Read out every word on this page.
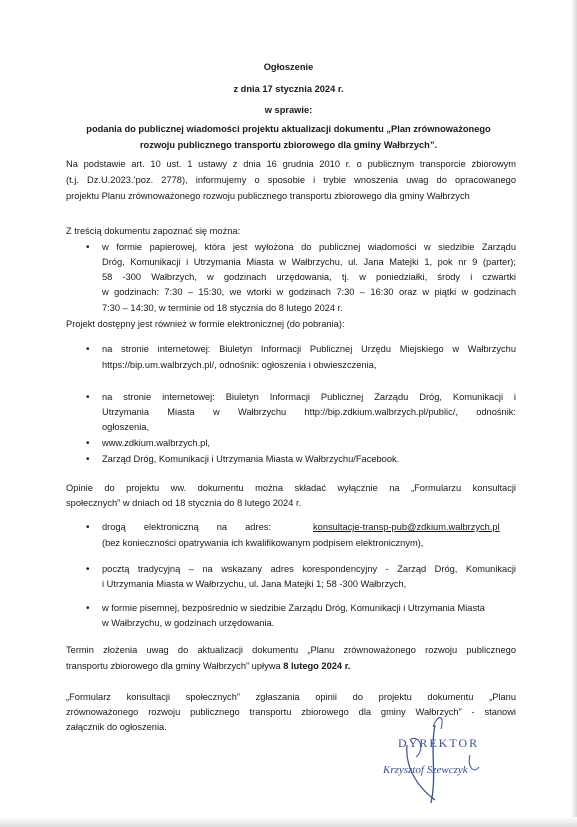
Ogłoszenie
z dnia 17 stycznia 2024 r.
w sprawie:
podania do publicznej wiadomości projektu aktualizacji dokumentu „Plan zrównoważonego
rozwoju publicznego transportu zbiorowego dla gminy Wałbrzych”.
Na podstawie art. 10 ust. 1 ustawy z dnia 16 grudnia 2010 r. o publicznym transporcie zbiorowym
(t.j. Dz.U.2023.’poz. 2778), informujemy o sposobie i trybie wnoszenia uwag do opracowanego
projektu Planu zrównoważonego rozwoju publicznego transportu zbiorowego dla gminy Wałbrzych
Z treścią dokumentu zapoznać się można:
• w formie papierowej, która jest wyłożona do publicznej wiadomości w siedzibie Zarządu
Dróg, Komunikacji i Utrzymania Miasta w Wałbrzychu, ul. Jana Matejki 1, pok nr 9 (parter);
58 -300 Wałbrzych, w godzinach urzędowania, tj. w poniedziałki, środy i czwartki
w godzinach: 7:30 – 15:30, we wtorki w godzinach 7:30 – 16:30 oraz w piątki w godzinach
7:30 – 14:30, w terminie od 18 stycznia do 8 lutego 2024 r.
Projekt dostępny jest również w formie elektronicznej (do pobrania):
• na stronie internetowej: Biuletyn Informacji Publicznej Urzędu Miejskiego w Wałbrzychu
https://bip.um.walbrzych.pl/, odnośnik: ogłoszenia i obwieszczenia,
• na stronie internetowej: Biuletyn Informacji Publicznej Zarządu Dróg, Komunikacji i
Utrzymania Miasta w Wałbrzychu http://bip.zdkium.walbrzych.pl/public/, odnośnik:
ogłoszenia,
• www.zdkium.walbrzych.pl,
• Zarząd Dróg, Komunikacji i Utrzymania Miasta w Wałbrzychu/Facebook.
Opinie do projektu ww. dokumentu można składać wyłącznie na „Formularzu konsultacji
społecznych” w dniach od 18 stycznia do 8 lutego 2024 r.
• drogą       elektroniczną       na       adres:	konsultacje-transp-pub@zdkium.walbrzych.pl
(bez konieczności opatrywania ich kwalifikowanym podpisem elektronicznym),
• pocztą tradycyjną – na wskazany adres korespondencyjny - Zarząd Dróg, Komunikacji
i Utrzymania Miasta w Wałbrzychu, ul. Jana Matejki 1; 58 -300 Wałbrzych,
• w formie pisemnej, bezpośrednio w siedzibie Zarządu Dróg, Komunikacji i Utrzymania Miasta
w Wałbrzychu, w godzinach urzędowania.
Termin złożenia uwag do aktualizacji dokumentu „Planu zrównoważonego rozwoju publicznego
transportu zbiorowego dla gminy Wałbrzych” upływa 8 lutego 2024 r.
„Formularz konsultacji społecznych” zgłaszania opinii do projektu dokumentu „Planu
zrównoważonego rozwoju publicznego transportu zbiorowego dla gminy Wałbrzych” - stanowi
załącznik do ogłoszenia.
DYREKTOR
Krzysztof Szewczyk
